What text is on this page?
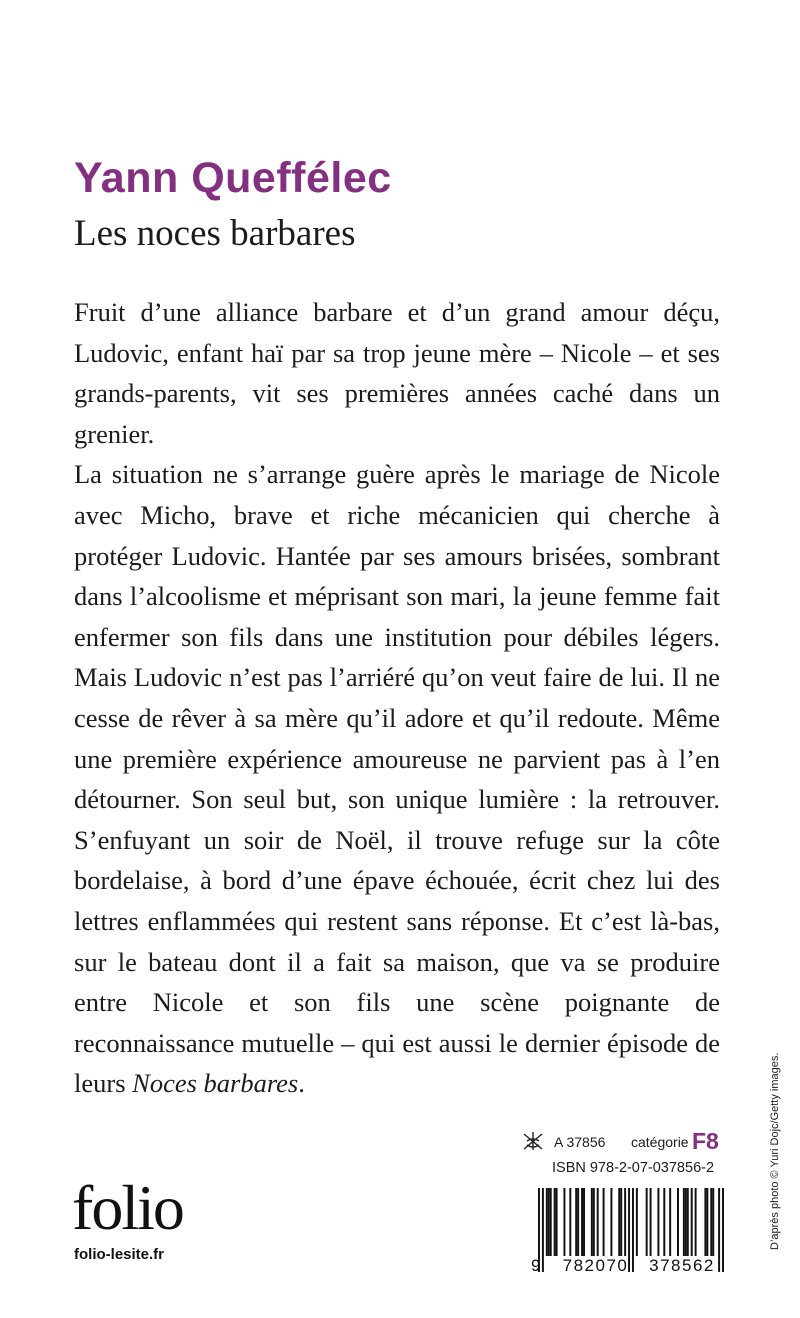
Yann Queffélec
Les noces barbares

Fruit d’une alliance barbare et d’un grand amour déçu, Ludovic, enfant haï par sa trop jeune mère – Nicole – et ses grands-parents, vit ses premières années caché dans un grenier.

La situation ne s’arrange guère après le mariage de Nicole avec Micho, brave et riche mécanicien qui cherche à protéger Ludovic. Hantée par ses amours brisées, sombrant dans l’alcoolisme et méprisant son mari, la jeune femme fait enfermer son fils dans une institution pour débiles légers. Mais Ludovic n’est pas l’arriéré qu’on veut faire de lui. Il ne cesse de rêver à sa mère qu’il adore et qu’il redoute. Même une première expérience amoureuse ne parvient pas à l’en détourner. Son seul but, son unique lumière : la retrouver. S’enfuyant un soir de Noël, il trouve refuge sur la côte bordelaise, à bord d’une épave échouée, écrit chez lui des lettres enflammées qui restent sans réponse. Et c’est là-bas, sur le bateau dont il a fait sa maison, que va se produire entre Nicole et son fils une scène poignante de reconnaissance mutuelle – qui est aussi le dernier épisode de leurs Noces barbares.	D’après photo © Yuri Dojc/Getty images.
folio
folio-lesite.fr
A 37856 catégorie F8
ISBN 978-2-07-037856-2
9 782070 378562
